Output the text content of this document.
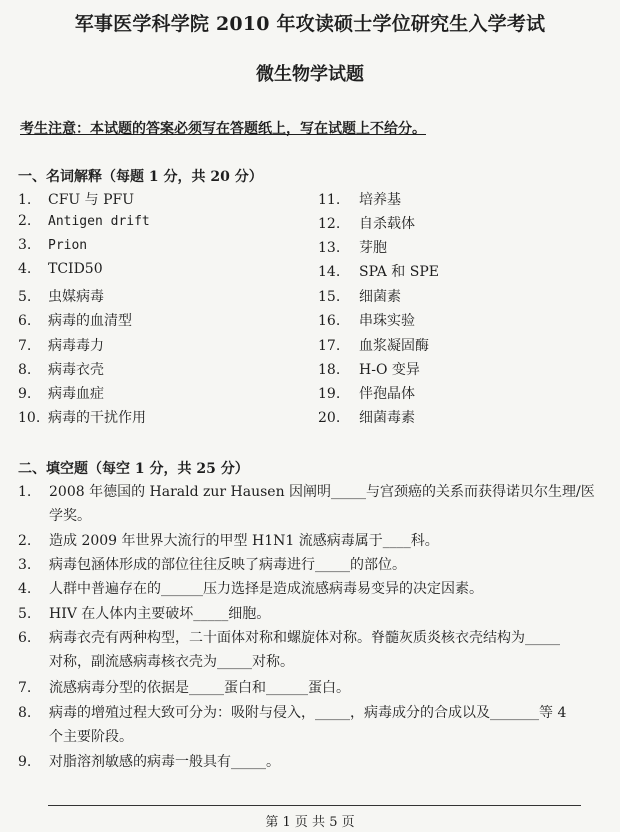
军事医学科学院 2010 年攻读硕士学位研究生入学考试
微生物学试题
考生注意：本试题的答案必须写在答题纸上，写在试题上不给分。
一、名词解释（每题 1 分，共 20 分）
1. CFU 与 PFU
2. Antigen drift
3. Prion
4. TCID50
5. 虫媒病毒
6. 病毒的血清型
7. 病毒毒力
8. 病毒衣壳
9. 病毒血症
10. 病毒的干扰作用
11. 培养基
12. 自杀载体
13. 芽胞
14. SPA 和 SPE
15. 细菌素
16. 串珠实验
17. 血浆凝固酶
18. H-O 变异
19. 伴孢晶体
20. 细菌毒素
二、填空题（每空 1 分，共 25 分）
1. 2008 年德国的 Harald zur Hausen 因阐明_____与宫颈癌的关系而获得诺贝尔生理/医
学奖。
2. 造成 2009 年世界大流行的甲型 H1N1 流感病毒属于____科。
3. 病毒包涵体形成的部位往往反映了病毒进行_____的部位。
4. 人群中普遍存在的______压力选择是造成流感病毒易变异的决定因素。
5. HIV 在人体内主要破坏_____细胞。
6. 病毒衣壳有两种构型，二十面体对称和螺旋体对称。脊髓灰质炎核衣壳结构为_____
对称，副流感病毒核衣壳为_____对称。
7. 流感病毒分型的依据是_____蛋白和______蛋白。
8. 病毒的增殖过程大致可分为：吸附与侵入，_____，病毒成分的合成以及_______等 4
个主要阶段。
9. 对脂溶剂敏感的病毒一般具有_____。
第 1 页 共 5 页
